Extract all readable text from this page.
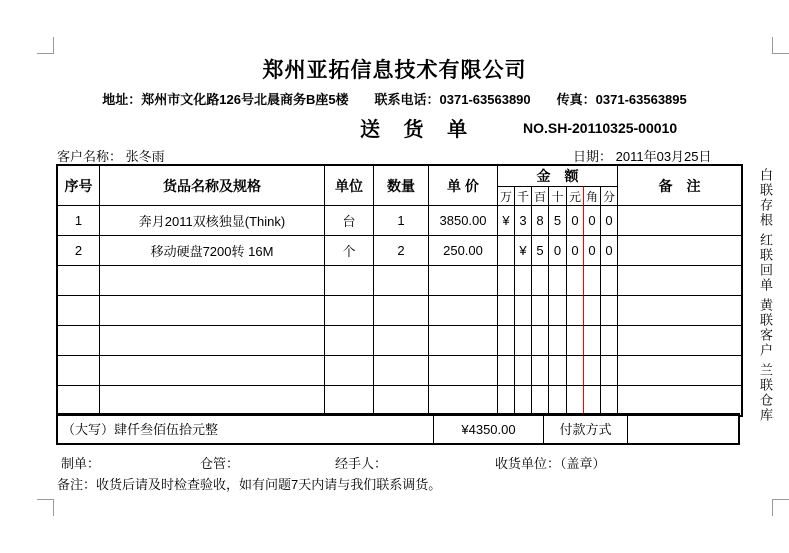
郑州亚拓信息技术有限公司
地址：郑州市文化路126号北晨商务B座5楼　　联系电话：0371-63563890　　传真：0371-63563895
送 货 单	NO.SH-20110325-00010
客户名称： 张冬雨	日期： 2011年03月25日
序号	货品名称及规格	单位	数量	单 价	金　额							备　注
					万	千	百	十	元	角	分	
1	奔月2011双核独显(Think)	台	1	3850.00	¥	3	8	5	0	0	0	
2	移动硬盘7200转 16M	个	2	250.00		¥	5	0	0	0	0	

（大写）肆仟叁佰伍拾元整	¥4350.00	付款方式
制单：	仓管：	经手人：	收货单位：（盖章）
备注：收货后请及时检查验收，如有问题7天内请与我们联系调货。
白联存根
红联回单
黄联客户
兰联仓库
